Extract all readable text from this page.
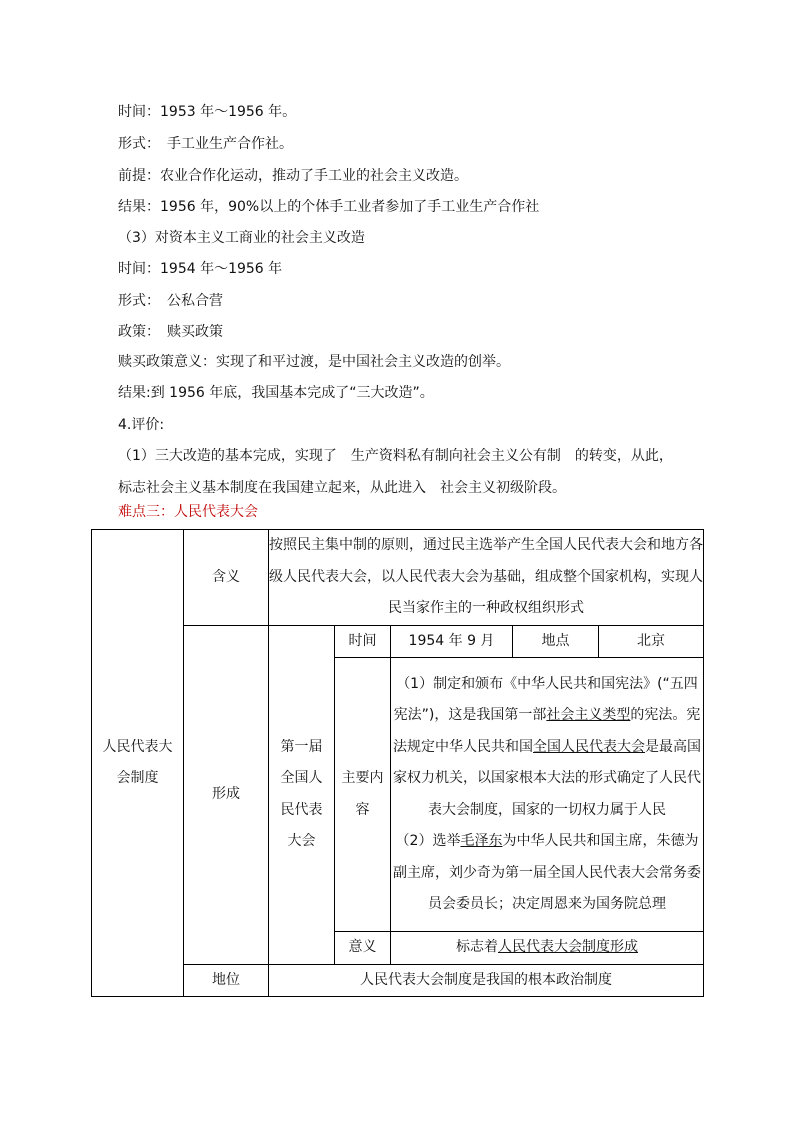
时间：1953 年～1956 年。
形式：　手工业生产合作社。
前提：农业合作化运动，推动了手工业的社会主义改造。
结果：1956 年，90%以上的个体手工业者参加了手工业生产合作社
（3）对资本主义工商业的社会主义改造
时间：1954 年～1956 年
形式：　公私合营
政策：　赎买政策
赎买政策意义：实现了和平过渡，是中国社会主义改造的创举。
结果:到 1956 年底，我国基本完成了“三大改造”。
4.评价:
（1）三大改造的基本完成，实现了　生产资料私有制向社会主义公有制　的转变，从此，
标志社会主义基本制度在我国建立起来，从此进入　社会主义初级阶段。
难点三：人民代表大会
人民代表大会制度	含义	按照民主集中制的原则，通过民主选举产生全国人民代表大会和地方各级人民代表大会，以人民代表大会为基础，组成整个国家机构，实现人民当家作主的一种政权组织形式				
	形成	第一届全国人民代表大会	时间	1954 年 9 月	地点	北京
			主要内容	（1）制定和颁布《中华人民共和国宪法》(“五四宪法”)，这是我国第一部社会主义类型的宪法。宪法规定中华人民共和国全国人民代表大会是最高国家权力机关，以国家根本大法的形式确定了人民代表大会制度，国家的一切权力属于人民
（2）选举毛泽东为中华人民共和国主席，朱德为副主席，刘少奇为第一届全国人民代表大会常务委员会委员长；决定周恩来为国务院总理		

			意义	标志着人民代表大会制度形成		

	地位	人民代表大会制度是我国的根本政治制度				
